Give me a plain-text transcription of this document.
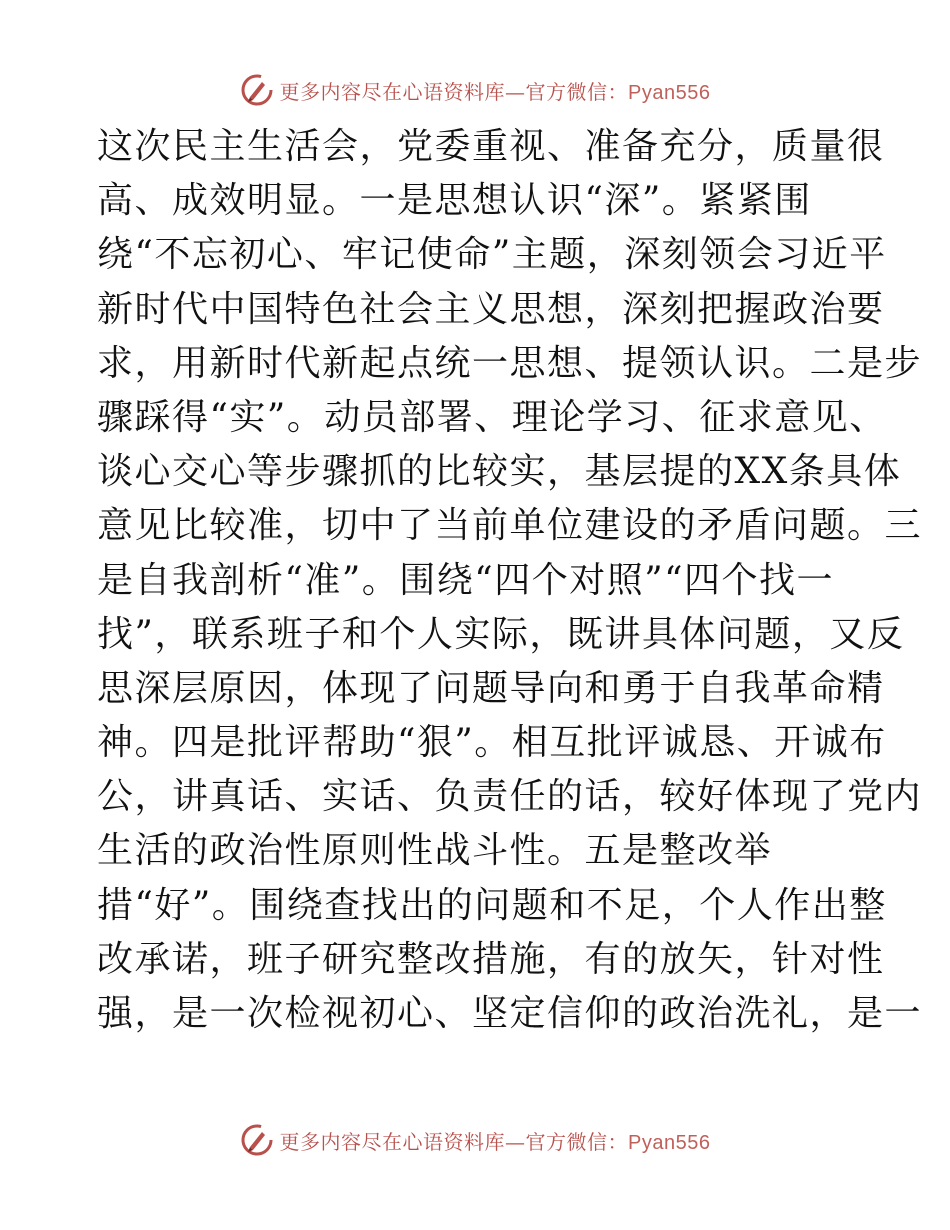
更多内容尽在心语资料库—官方微信：Pyan556
这次民主生活会，党委重视、准备充分，质量很
高、成效明显。一是思想认识“深”。紧紧围
绕“不忘初心、牢记使命”主题，深刻领会习近平
新时代中国特色社会主义思想，深刻把握政治要
求，用新时代新起点统一思想、提领认识。二是步
骤踩得“实”。动员部署、理论学习、征求意见、
谈心交心等步骤抓的比较实，基层提的XX条具体
意见比较准，切中了当前单位建设的矛盾问题。三
是自我剖析“准”。围绕“四个对照”“四个找一
找”，联系班子和个人实际，既讲具体问题，又反
思深层原因，体现了问题导向和勇于自我革命精
神。四是批评帮助“狠”。相互批评诚恳、开诚布
公，讲真话、实话、负责任的话，较好体现了党内
生活的政治性原则性战斗性。五是整改举
措“好”。围绕查找出的问题和不足，个人作出整
改承诺，班子研究整改措施，有的放矢，针对性
强，是一次检视初心、坚定信仰的政治洗礼，是一
更多内容尽在心语资料库—官方微信：Pyan556
